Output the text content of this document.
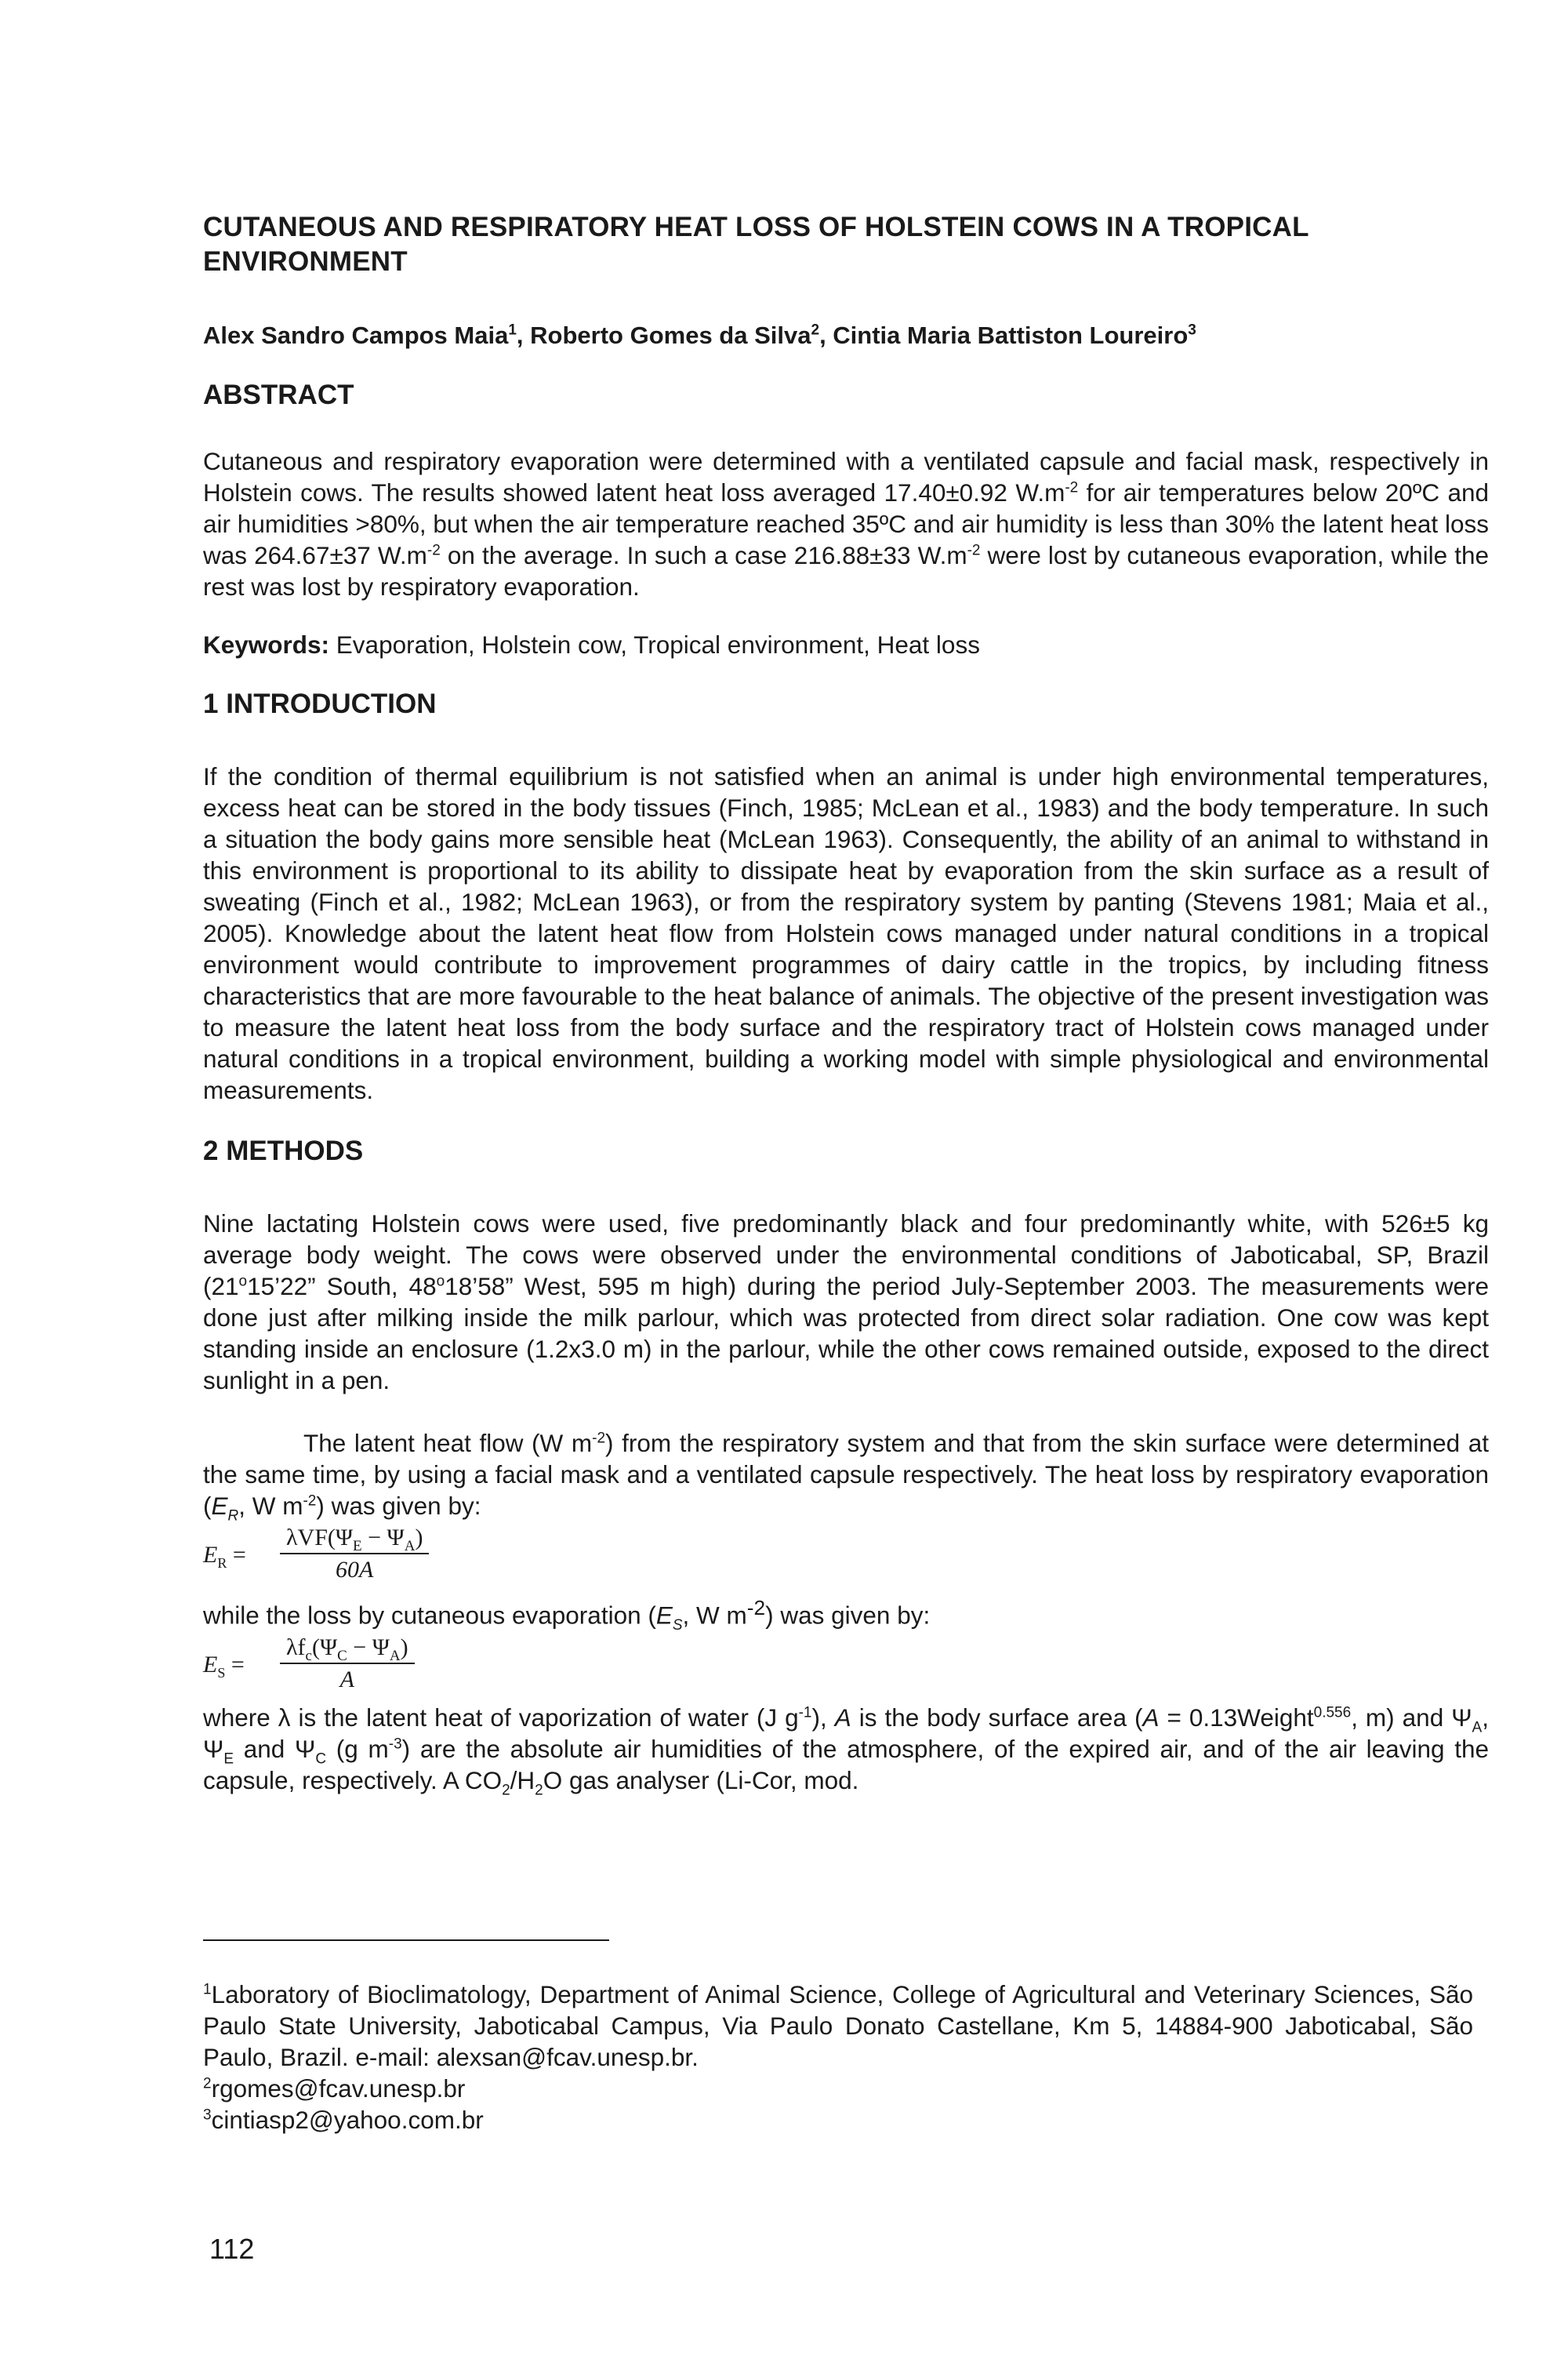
CUTANEOUS AND RESPIRATORY HEAT LOSS OF HOLSTEIN COWS IN A TROPICAL ENVIRONMENT
Alex Sandro Campos Maia$^1$, Roberto Gomes da Silva$^2$, Cintia Maria Battiston Loureiro$^3$
ABSTRACT

Cutaneous and respiratory evaporation were determined with a ventilated capsule and facial mask, respectively in Holstein cows. The results showed latent heat loss averaged 17.40±0.92 $W.m^{-2}$ for air temperatures below 20ºC and air humidities >80%, but when the air temperature reached 35ºC and air humidity is less than 30% the latent heat loss was 264.67±37 $W.m^{-2}$ on the average. In such a case 216.88±33 $W.m^{-2}$ were lost by cutaneous evaporation, while the rest was lost by respiratory evaporation.

Keywords: Evaporation, Holstein cow, Tropical environment, Heat loss

1 INTRODUCTION

If the condition of thermal equilibrium is not satisfied when an animal is under high environmental temperatures, excess heat can be stored in the body tissues (Finch, 1985; McLean et al., 1983) and the body temperature. In such a situation the body gains more sensible heat (McLean 1963). Consequently, the ability of an animal to withstand in this environment is proportional to its ability to dissipate heat by evaporation from the skin surface as a result of sweating (Finch et al., 1982; McLean 1963), or from the respiratory system by panting (Stevens 1981; Maia et al., 2005). Knowledge about the latent heat flow from Holstein cows managed under natural conditions in a tropical environment would contribute to improvement programmes of dairy cattle in the tropics, by including fitness characteristics that are more favourable to the heat balance of animals. The objective of the present investigation was to measure the latent heat loss from the body surface and the respiratory tract of Holstein cows managed under natural conditions in a tropical environment, building a working model with simple physiological and environmental measurements.

2 METHODS

Nine lactating Holstein cows were used, five predominantly black and four predominantly white, with 526±5 kg average body weight. The cows were observed under the environmental conditions of Jaboticabal, SP, Brazil (21$^o$15’22” South, 48$^o$18’58” West, 595 m high) during the period July-September 2003. The measurements were done just after milking inside the milk parlour, which was protected from direct solar radiation. One cow was kept standing inside an enclosure (1.2x3.0 m) in the parlour, while the other cows remained outside, exposed to the direct sunlight in a pen.

The latent heat flow (W $m^{-2}$) from the respiratory system and that from the skin surface were determined at the same time, by using a facial mask and a ventilated capsule respectively. The heat loss by respiratory evaporation ($E_R$, W $m^{-2}$) was given by:

$E_R$ =
$\lambda VF(\Psi_E - \Psi_A)$
60A
while the loss by cutaneous evaporation ($E_S$, W $m^{-2}$) was given by:
$E_S$ =
$\lambda f_c(\Psi_C - \Psi_A)$
A

where λ is the latent heat of vaporization of water (J $g^{-1}$), A is the body surface area (A = 0.13Weight$^{0.556}$, m) and $\Psi_A$, $\Psi_E$ and $\Psi_C$ (g $m^{-3}$) are the absolute air humidities of the atmosphere, of the expired air, and of the air leaving the capsule, respectively. A $CO_2/H_2O$ gas analyser (Li-Cor, mod.

$^1$Laboratory of Bioclimatology, Department of Animal Science, College of Agricultural and Veterinary Sciences, São Paulo State University, Jaboticabal Campus, Via Paulo Donato Castellane, Km 5, 14884-900 Jaboticabal, São Paulo, Brazil. e-mail: alexsan@fcav.unesp.br.

$^2$rgomes@fcav.unesp.br

$^3$cintiasp2@yahoo.com.br

112
